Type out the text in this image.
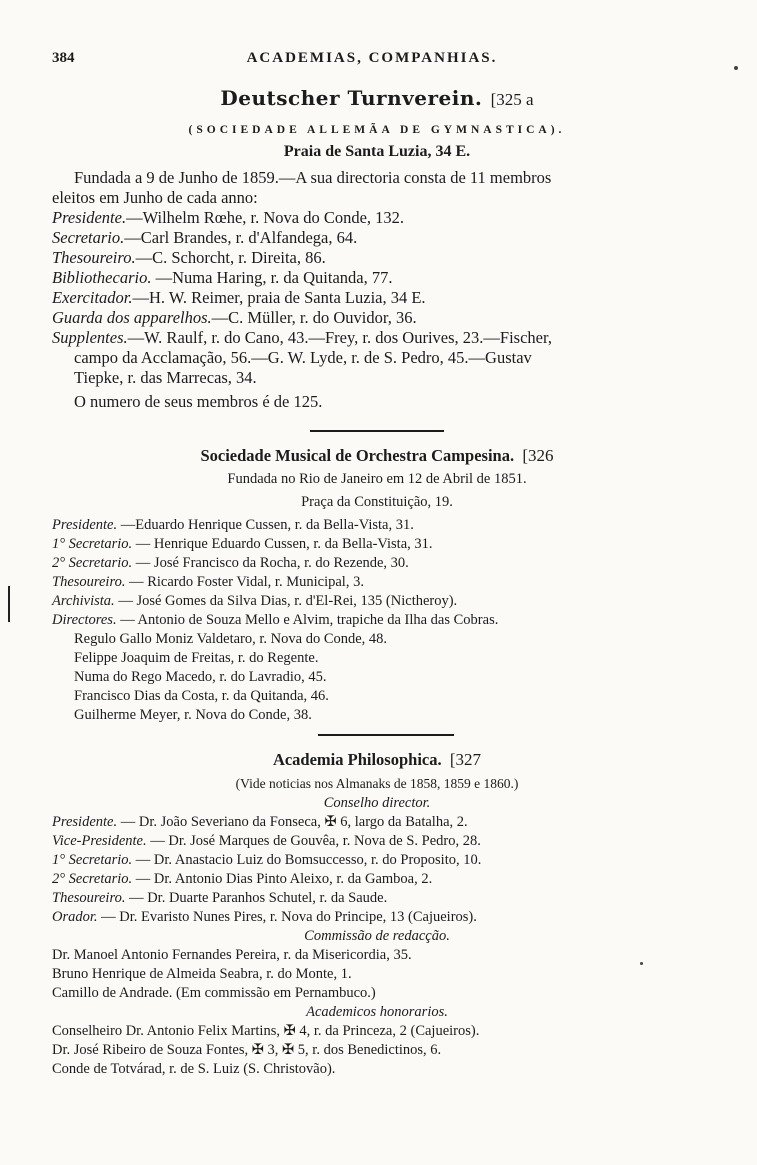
384	ACADEMIAS, COMPANHIAS.
Deutscher Turnverein. [325 a
(SOCIEDADE ALLEMÃA DE GYMNASTICA).
Praia de Santa Luzia, 34 E.
Fundada a 9 de Junho de 1859.—A sua directoria consta de 11 membros
eleitos em Junho de cada anno:
Presidente.—Wilhelm Rœhe, r. Nova do Conde, 132.
Secretario.—Carl Brandes, r. d'Alfandega, 64.
Thesoureiro.—C. Schorcht, r. Direita, 86.
Bibliothecario. —Numa Haring, r. da Quitanda, 77.
Exercitador.—H. W. Reimer, praia de Santa Luzia, 34 E.
Guarda dos apparelhos.—C. Müller, r. do Ouvidor, 36.
Supplentes.—W. Raulf, r. do Cano, 43.—Frey, r. dos Ourives, 23.—Fischer,
campo da Acclamação, 56.—G. W. Lyde, r. de S. Pedro, 45.—Gustav
Tiepke, r. das Marrecas, 34.
O numero de seus membros é de 125.
Sociedade Musical de Orchestra Campesina. [326
Fundada no Rio de Janeiro em 12 de Abril de 1851.
Praça da Constituição, 19.
Presidente. —Eduardo Henrique Cussen, r. da Bella-Vista, 31.
1° Secretario. — Henrique Eduardo Cussen, r. da Bella-Vista, 31.
2° Secretario. — José Francisco da Rocha, r. do Rezende, 30.
Thesoureiro. — Ricardo Foster Vidal, r. Municipal, 3.
Archivista. — José Gomes da Silva Dias, r. d'El-Rei, 135 (Nictheroy).
Directores. — Antonio de Souza Mello e Alvim, trapiche da Ilha das Cobras.
Regulo Gallo Moniz Valdetaro, r. Nova do Conde, 48.
Felippe Joaquim de Freitas, r. do Regente.
Numa do Rego Macedo, r. do Lavradio, 45.
Francisco Dias da Costa, r. da Quitanda, 46.
Guilherme Meyer, r. Nova do Conde, 38.
Academia Philosophica. [327
(Vide noticias nos Almanaks de 1858, 1859 e 1860.)
Conselho director.
Presidente. — Dr. João Severiano da Fonseca, ✠ 6, largo da Batalha, 2.
Vice-Presidente. — Dr. José Marques de Gouvêa, r. Nova de S. Pedro, 28.
1° Secretario. — Dr. Anastacio Luiz do Bomsuccesso, r. do Proposito, 10.
2° Secretario. — Dr. Antonio Dias Pinto Aleixo, r. da Gamboa, 2.
Thesoureiro. — Dr. Duarte Paranhos Schutel, r. da Saude.
Orador. — Dr. Evaristo Nunes Pires, r. Nova do Principe, 13 (Cajueiros).
Commissão de redacção.
Dr. Manoel Antonio Fernandes Pereira, r. da Misericordia, 35.
Bruno Henrique de Almeida Seabra, r. do Monte, 1.
Camillo de Andrade. (Em commissão em Pernambuco.)
Academicos honorarios.
Conselheiro Dr. Antonio Felix Martins, ✠ 4, r. da Princeza, 2 (Cajueiros).
Dr. José Ribeiro de Souza Fontes, ✠ 3, ✠ 5, r. dos Benedictinos, 6.
Conde de Totvárad, r. de S. Luiz (S. Christovão).
